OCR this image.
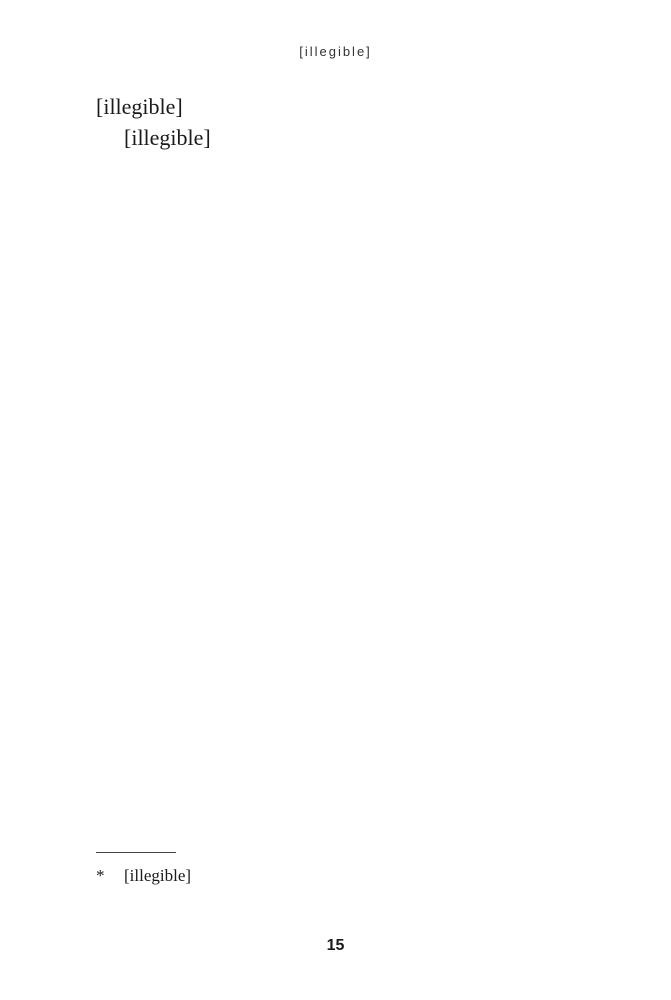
[illegible]

[illegible]

[illegible]

* [illegible]
15
